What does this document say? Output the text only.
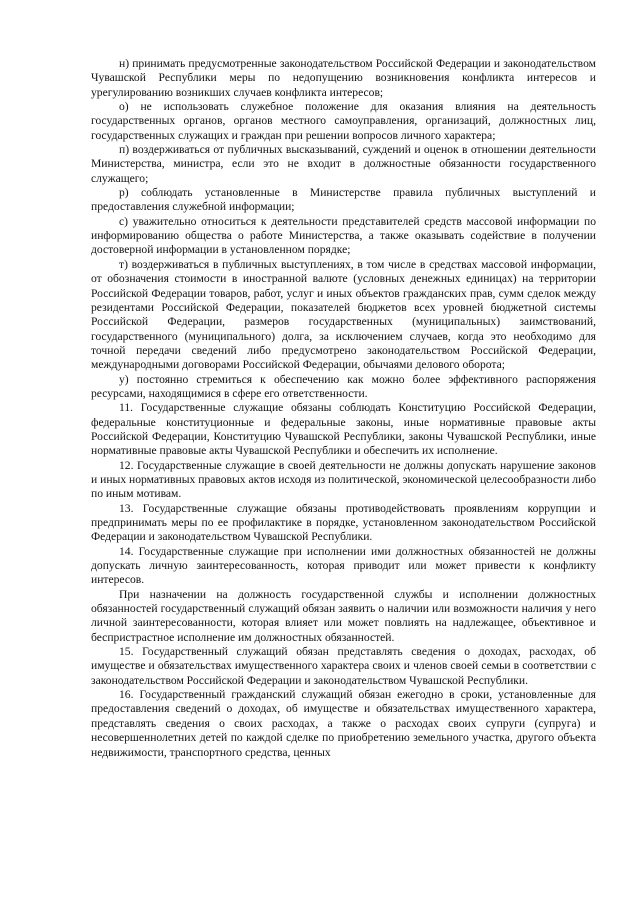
н) принимать предусмотренные законодательством Российской Федерации и законодательством Чувашской Республики меры по недопущению возникновения конфликта интересов и урегулированию возникших случаев конфликта интересов;

о) не использовать служебное положение для оказания влияния на деятельность государственных органов, органов местного самоуправления, организаций, должностных лиц, государственных служащих и граждан при решении вопросов личного характера;

п) воздерживаться от публичных высказываний, суждений и оценок в отношении деятельности Министерства, министра, если это не входит в должностные обязанности государственного служащего;

р) соблюдать установленные в Министерстве правила публичных выступлений и предоставления служебной информации;

с) уважительно относиться к деятельности представителей средств массовой информации по информированию общества о работе Министерства, а также оказывать содействие в получении достоверной информации в установленном порядке;

т) воздерживаться в публичных выступлениях, в том числе в средствах массовой информации, от обозначения стоимости в иностранной валюте (условных денежных единицах) на территории Российской Федерации товаров, работ, услуг и иных объектов гражданских прав, сумм сделок между резидентами Российской Федерации, показателей бюджетов всех уровней бюджетной системы Российской Федерации, размеров государственных (муниципальных) заимствований, государственного (муниципального) долга, за исключением случаев, когда это необходимо для точной передачи сведений либо предусмотрено законодательством Российской Федерации, международными договорами Российской Федерации, обычаями делового оборота;

у) постоянно стремиться к обеспечению как можно более эффективного распоряжения ресурсами, находящимися в сфере его ответственности.

11. Государственные служащие обязаны соблюдать Конституцию Российской Федерации, федеральные конституционные и федеральные законы, иные нормативные правовые акты Российской Федерации, Конституцию Чувашской Республики, законы Чувашской Республики, иные нормативные правовые акты Чувашской Республики и обеспечить их исполнение.

12. Государственные служащие в своей деятельности не должны допускать нарушение законов и иных нормативных правовых актов исходя из политической, экономической целесообразности либо по иным мотивам.

13. Государственные служащие обязаны противодействовать проявлениям коррупции и предпринимать меры по ее профилактике в порядке, установленном законодательством Российской Федерации и законодательством Чувашской Республики.

14. Государственные служащие при исполнении ими должностных обязанностей не должны допускать личную заинтересованность, которая приводит или может привести к конфликту интересов.

При назначении на должность государственной службы и исполнении должностных обязанностей государственный служащий обязан заявить о наличии или возможности наличия у него личной заинтересованности, которая влияет или может повлиять на надлежащее, объективное и беспристрастное исполнение им должностных обязанностей.

15. Государственный служащий обязан представлять сведения о доходах, расходах, об имуществе и обязательствах имущественного характера своих и членов своей семьи в соответствии с законодательством Российской Федерации и законодательством Чувашской Республики.

16. Государственный гражданский служащий обязан ежегодно в сроки, установленные для предоставления сведений о доходах, об имуществе и обязательствах имущественного характера, представлять сведения о своих расходах, а также о расходах своих супруги (супруга) и несовершеннолетних детей по каждой сделке по приобретению земельного участка, другого объекта недвижимости, транспортного средства, ценных
